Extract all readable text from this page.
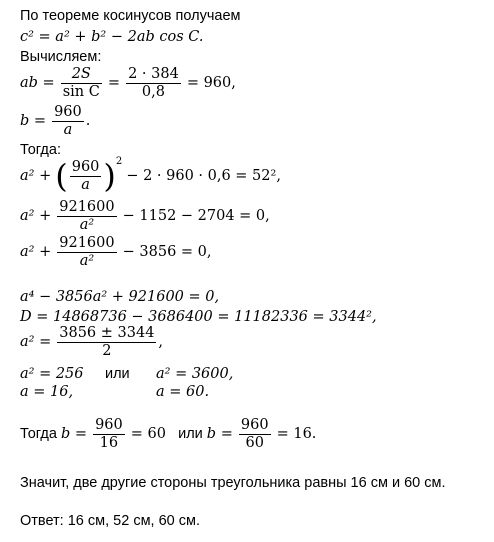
По теореме косинусов получаем
c² = a² + b² − 2ab cos C.
Вычисляем:
ab = $\frac{2S}{\text{sin C}} = \frac{2 \cdot 384}{0,8} = 960$,
$b = \frac{960}{a}$ .
Тогда:
a² + ( $\frac{960}{a} )^2 - 2 \cdot 960 \cdot 0,6 = 52^2$,
$a^2 + \frac{921600}{\text{a²}} - 1152 - 2704 = 0$,
$a^2 + \frac{921600}{\text{a²}} - 3856 = 0$,
a⁴ − 3856a² + 921600 = 0,
D = 14868736 − 3686400 = 11182336 = 3344²,
$a^2 = \frac{3856 \pm 3344}{2}$ ,
a² = 256 или a² = 3600,
a = 16,	a = 60.
Тогда $b = \frac{960}{16} = 60$ или $b = \frac{960}{60} = 16$.
Значит, две другие стороны треугольника равны 16 см и 60 см.
Ответ: 16 см, 52 см, 60 см.
